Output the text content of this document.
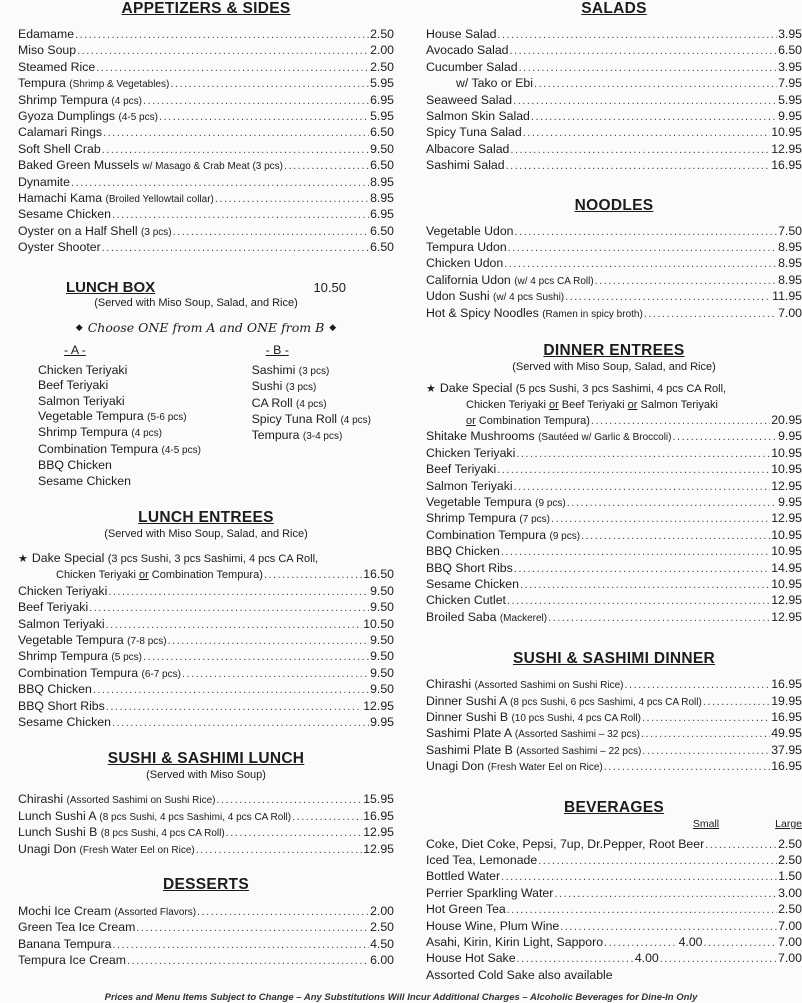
APPETIZERS & SIDES
Edamame .....	2.50
Miso Soup .....	2.00
Steamed Rice .....	2.50
Tempura (Shrimp & Vegetables) .....	5.95
Shrimp Tempura (4 pcs) .....	6.95
Gyoza Dumplings (4-5 pcs) .....	5.95
Calamari Rings .....	6.50
Soft Shell Crab .....	9.50
Baked Green Mussels w/ Masago & Crab Meat (3 pcs) .....	6.50
Dynamite .....	8.95
Hamachi Kama (Broiled Yellowtail collar) .....	8.95
Sesame Chicken .....	6.95
Oyster on a Half Shell (3 pcs) .....	6.50
Oyster Shooter .....	6.50
LUNCH BOX	10.50
(Served with Miso Soup, Salad, and Rice)
◆ Choose ONE from A and ONE from B ◆
- A -
Chicken Teriyaki
Beef Teriyaki
Salmon Teriyaki
Vegetable Tempura (5-6 pcs)
Shrimp Tempura (4 pcs)
Combination Tempura (4-5 pcs)
BBQ Chicken
Sesame Chicken
- B -
Sashimi (3 pcs)
Sushi (3 pcs)
CA Roll (4 pcs)
Spicy Tuna Roll (4 pcs)
Tempura (3-4 pcs)
LUNCH ENTREES
(Served with Miso Soup, Salad, and Rice)
★ Dake Special (3 pcs Sushi, 3 pcs Sashimi, 4 pcs CA Roll,
Chicken Teriyaki or Combination Tempura) .....	16.50
Chicken Teriyaki .....	9.50
Beef Teriyaki .....	9.50
Salmon Teriyaki .....	10.50
Vegetable Tempura (7-8 pcs) .....	9.50
Shrimp Tempura (5 pcs) .....	9.50
Combination Tempura (6-7 pcs) .....	9.50
BBQ Chicken .....	9.50
BBQ Short Ribs .....	12.95
Sesame Chicken .....	9.95
SUSHI & SASHIMI LUNCH
(Served with Miso Soup)
Chirashi (Assorted Sashimi on Sushi Rice) .....	15.95
Lunch Sushi A (8 pcs Sushi, 4 pcs Sashimi, 4 pcs CA Roll) .....	16.95
Lunch Sushi B (8 pcs Sushi, 4 pcs CA Roll) .....	12.95
Unagi Don (Fresh Water Eel on Rice) .....	12.95
DESSERTS
Mochi Ice Cream (Assorted Flavors) .....	2.00
Green Tea Ice Cream .....	2.50
Banana Tempura .....	4.50
Tempura Ice Cream .....	6.00
SALADS
House Salad .....	3.95
Avocado Salad .....	6.50
Cucumber Salad .....	3.95
w/ Tako or Ebi .....	7.95
Seaweed Salad .....	5.95
Salmon Skin Salad .....	9.95
Spicy Tuna Salad .....	10.95
Albacore Salad .....	12.95
Sashimi Salad .....	16.95
NOODLES
Vegetable Udon .....	7.50
Tempura Udon .....	8.95
Chicken Udon .....	8.95
California Udon (w/ 4 pcs CA Roll) .....	8.95
Udon Sushi (w/ 4 pcs Sushi) .....	11.95
Hot & Spicy Noodles (Ramen in spicy broth) .....	7.00
DINNER ENTREES
(Served with Miso Soup, Salad, and Rice)
★ Dake Special (5 pcs Sushi, 3 pcs Sashimi, 4 pcs CA Roll,
Chicken Teriyaki or Beef Teriyaki or Salmon Teriyaki
or Combination Tempura) .....	20.95
Shitake Mushrooms (Sautéed w/ Garlic & Broccoli) .....	9.95
Chicken Teriyaki .....	10.95
Beef Teriyaki .....	10.95
Salmon Teriyaki .....	12.95
Vegetable Tempura (9 pcs) .....	9.95
Shrimp Tempura (7 pcs) .....	12.95
Combination Tempura (9 pcs) .....	10.95
BBQ Chicken .....	10.95
BBQ Short Ribs .....	14.95
Sesame Chicken .....	10.95
Chicken Cutlet .....	12.95
Broiled Saba (Mackerel) .....	12.95
SUSHI & SASHIMI DINNER
Chirashi (Assorted Sashimi on Sushi Rice) .....	16.95
Dinner Sushi A (8 pcs Sushi, 6 pcs Sashimi, 4 pcs CA Roll) .....	19.95
Dinner Sushi B (10 pcs Sushi, 4 pcs CA Roll) .....	16.95
Sashimi Plate A (Assorted Sashimi – 32 pcs) .....	49.95
Sashimi Plate B (Assorted Sashimi – 22 pcs) .....	37.95
Unagi Don (Fresh Water Eel on Rice) .....	16.95
BEVERAGES
Small	Large
Coke, Diet Coke, Pepsi, 7up, Dr.Pepper, Root Beer .....	2.50
Iced Tea, Lemonade .....	2.50
Bottled Water .....	1.50
Perrier Sparkling Water .....	3.00
Hot Green Tea .....	2.50
House Wine, Plum Wine .....	7.00
Asahi, Kirin, Kirin Light, Sapporo .....	4.00 .....	7.00
House Hot Sake .....	4.00 .....	7.00
Assorted Cold Sake also available
Prices and Menu Items Subject to Change – Any Substitutions Will Incur Additional Charges – Alcoholic Beverages for Dine-In Only
